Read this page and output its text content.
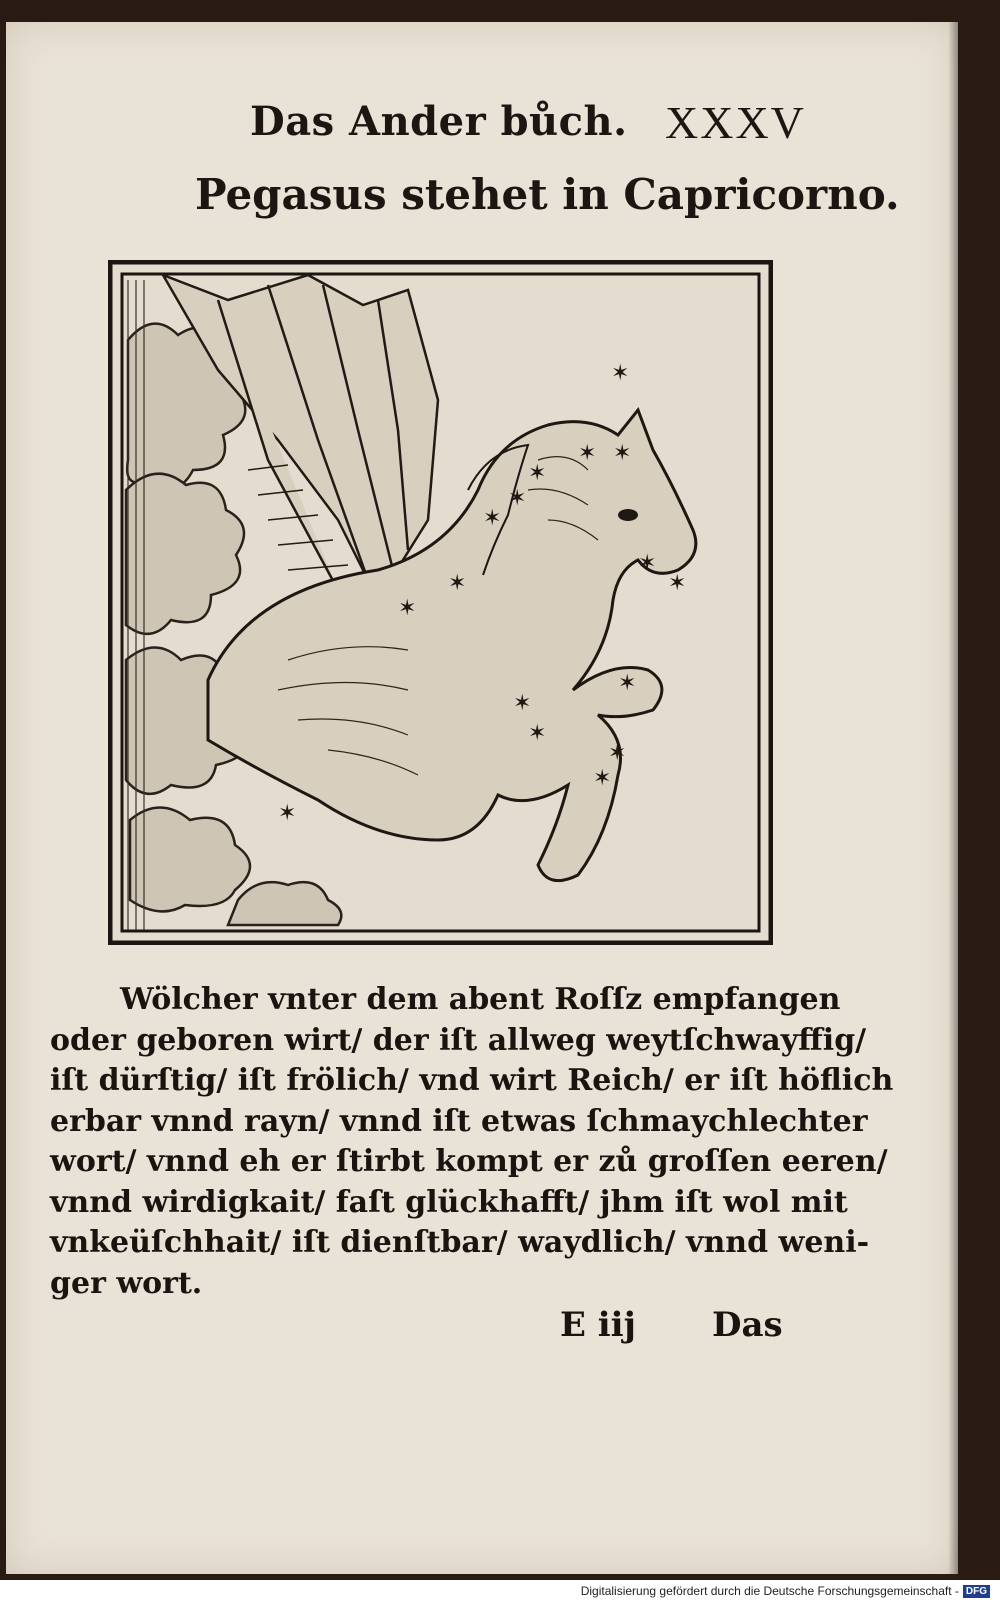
Das Ander bůch. XXXV
Pegasus stehet in Capricorno.
✶
✶ ✶
✶
✶
✶
✶
✶
✶
✶
✶
✶
✶
✶
✶
✶
Wölcher vnter dem abent Roſſz empfangen
oder geboren wirt/ der iſt allweg weytſchwayffig/
iſt dürſtig/ iſt frölich/ vnd wirt Reich/ er iſt höflich
erbar vnnd rayn/ vnnd iſt etwas ſchmaychlechter
wort/ vnnd eh er ſtirbt kompt er zů groſſen eeren/
vnnd wirdigkait/ faſt glückhafft/ jhm iſt wol mit
vnkeüſchhait/ iſt dienſtbar/ waydlich/ vnnd weni-
ger wort.
E iij Das
Digitalisierung gefördert durch die Deutsche Forschungsgemeinschaft - DFG
